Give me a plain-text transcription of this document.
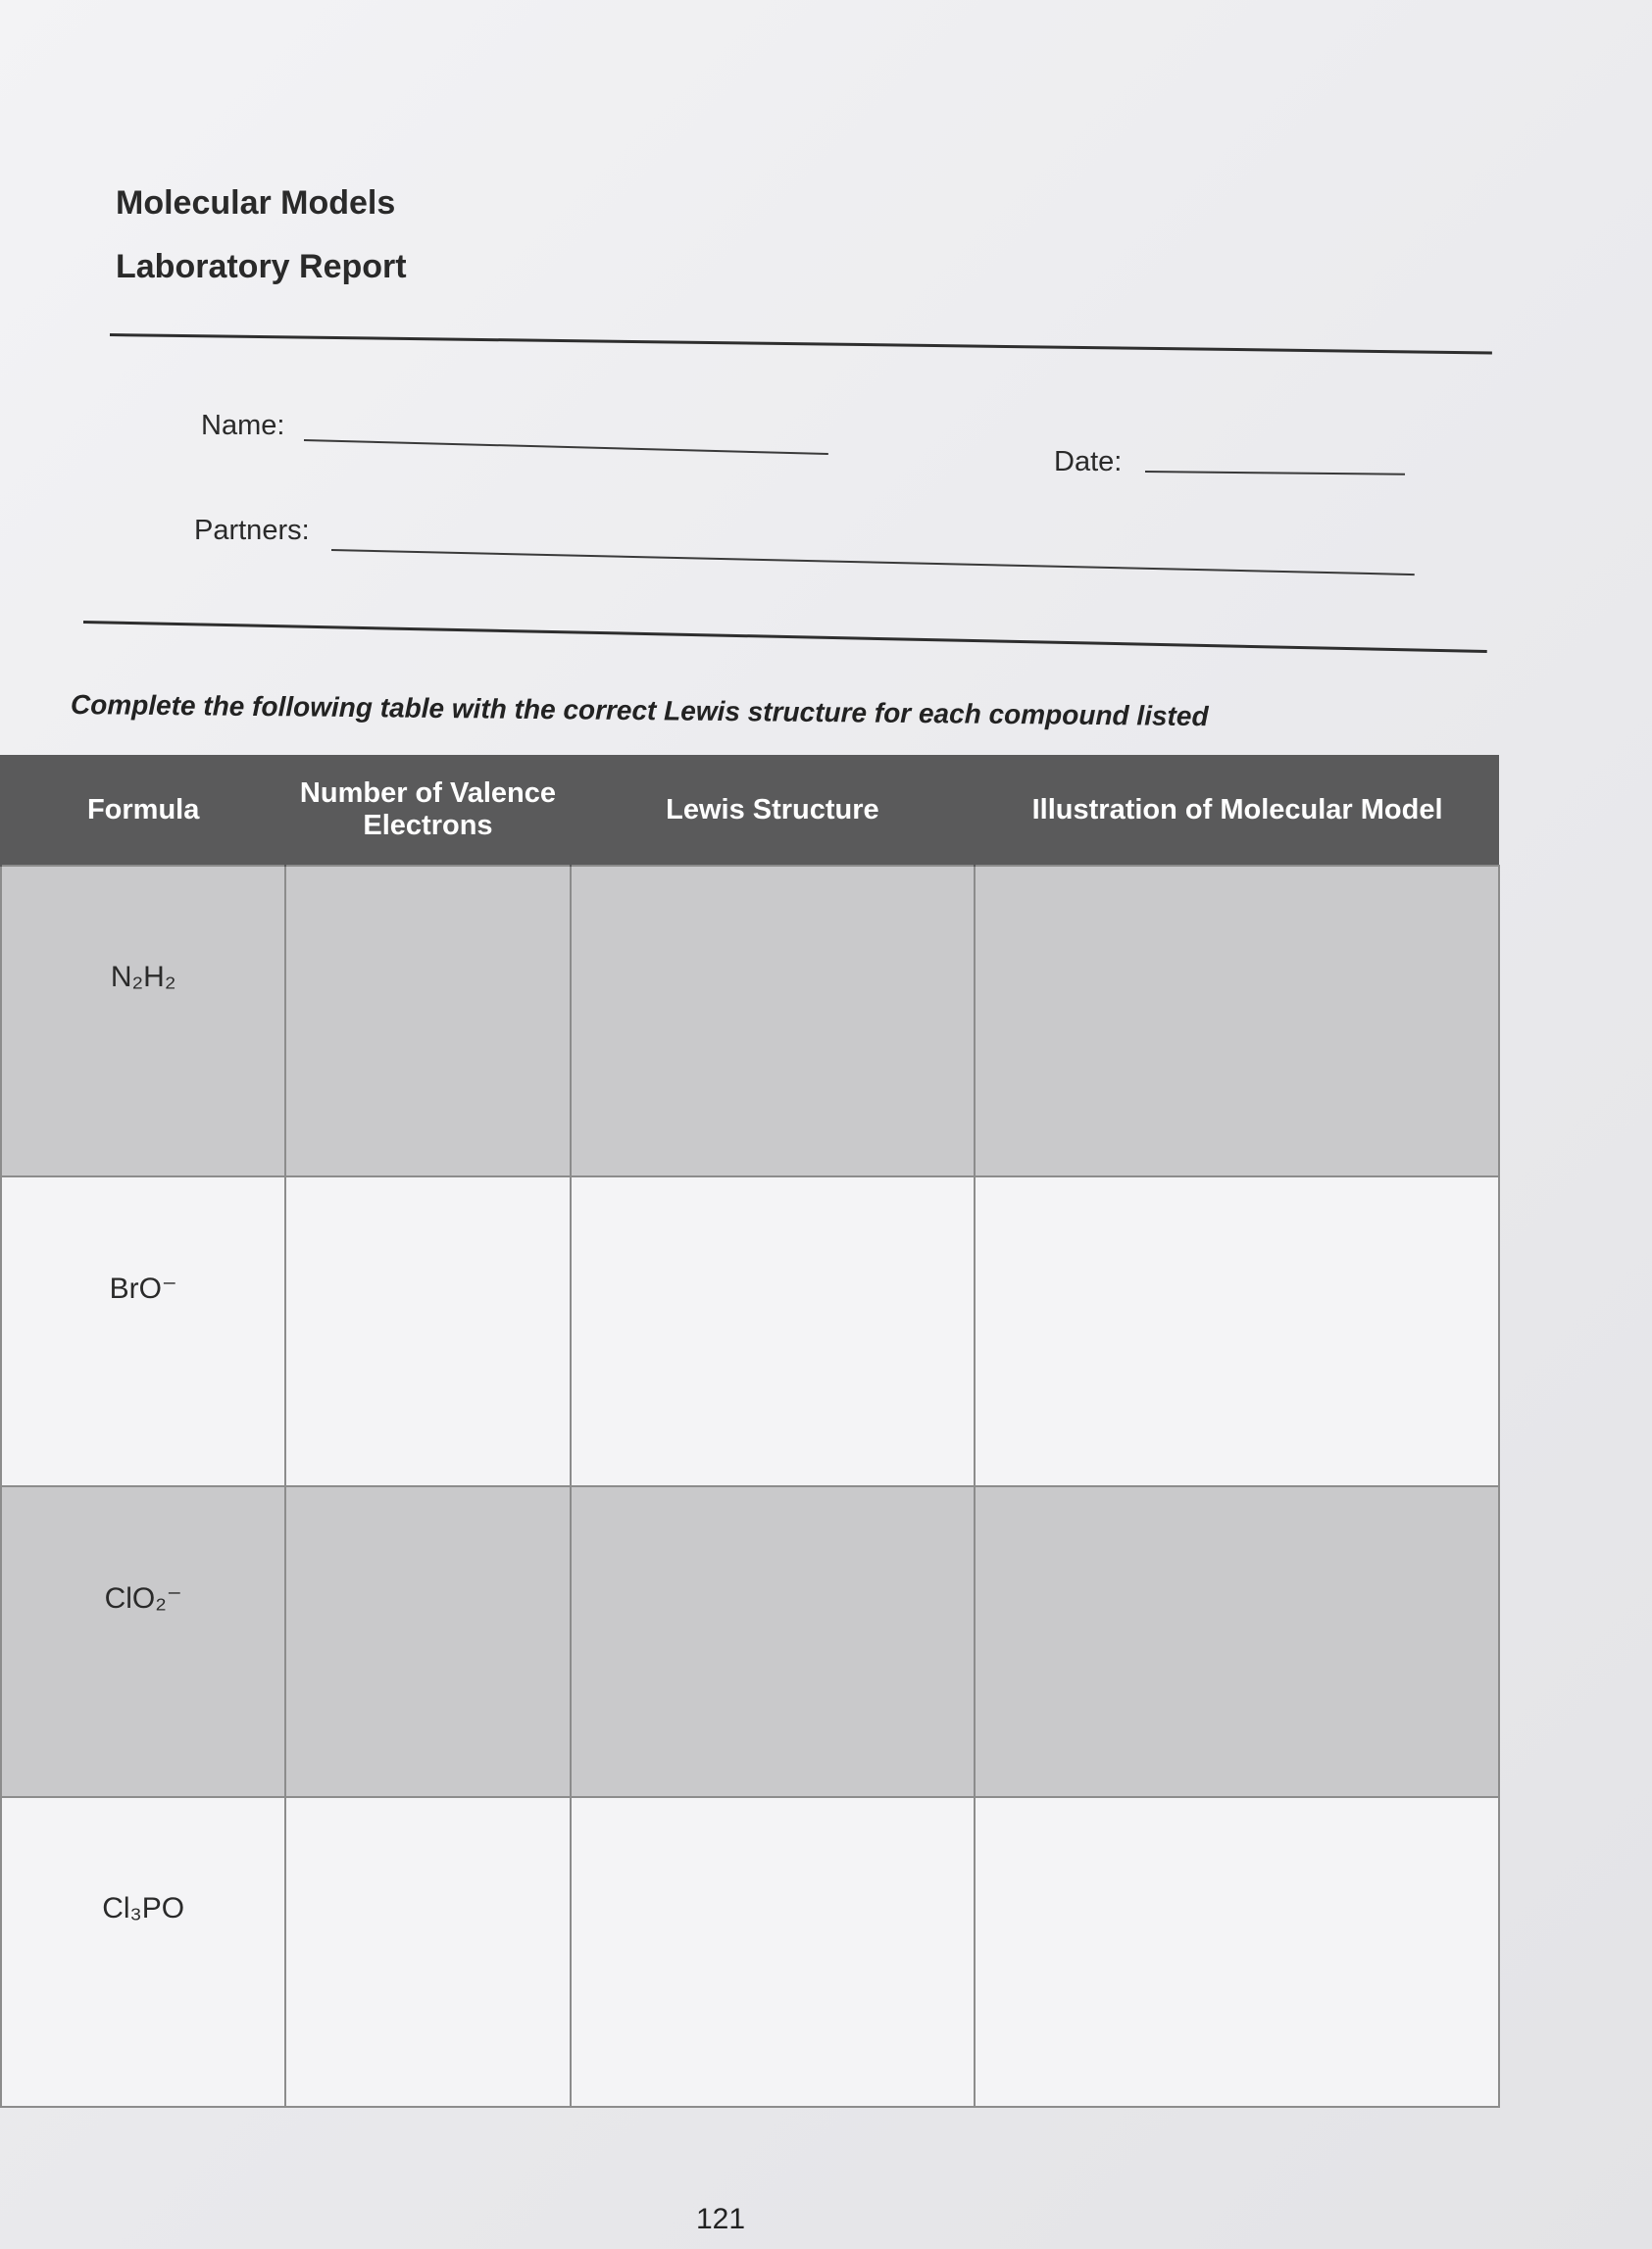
Molecular Models
Laboratory Report
Name:
Date:
Partners:
Complete the following table with the correct Lewis structure for each compound listed
Formula	Number of Valence Electrons	Lewis Structure	Illustration of Molecular Model

N₂H₂			

BrO⁻			

ClO₂⁻			

Cl₃PO			

121
